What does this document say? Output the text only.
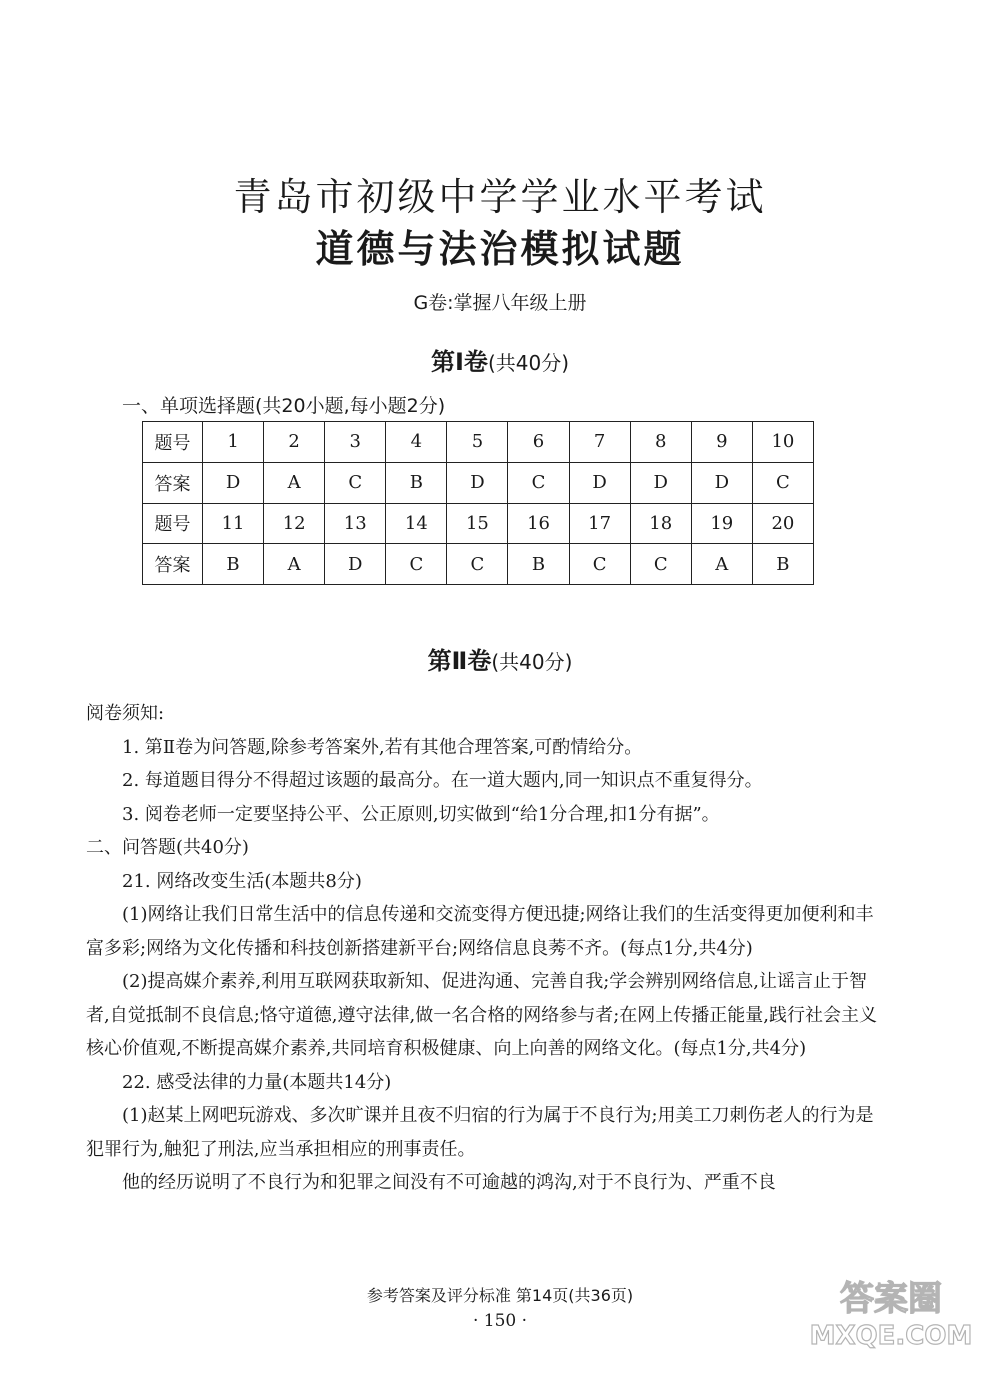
青岛市初级中学学业水平考试
道德与法治模拟试题
G卷:掌握八年级上册
第Ⅰ卷(共40分)
一、单项选择题(共20小题,每小题2分)
题号	1	2	3	4	5	6	7	8	9	10
答案	D	A	C	B	D	C	D	D	D	C
题号	11	12	13	14	15	16	17	18	19	20
答案	B	A	D	C	C	B	C	C	A	B
第Ⅱ卷(共40分)

阅卷须知:

1. 第Ⅱ卷为问答题,除参考答案外,若有其他合理答案,可酌情给分。

2. 每道题目得分不得超过该题的最高分。在一道大题内,同一知识点不重复得分。

3. 阅卷老师一定要坚持公平、公正原则,切实做到“给1分合理,扣1分有据”。

二、问答题(共40分)

21. 网络改变生活(本题共8分)

(1)网络让我们日常生活中的信息传递和交流变得方便迅捷;网络让我们的生活变得更加便利和丰富多彩;网络为文化传播和科技创新搭建新平台;网络信息良莠不齐。(每点1分,共4分)

(2)提高媒介素养,利用互联网获取新知、促进沟通、完善自我;学会辨别网络信息,让谣言止于智者,自觉抵制不良信息;恪守道德,遵守法律,做一名合格的网络参与者;在网上传播正能量,践行社会主义核心价值观,不断提高媒介素养,共同培育积极健康、向上向善的网络文化。(每点1分,共4分)

22. 感受法律的力量(本题共14分)

(1)赵某上网吧玩游戏、多次旷课并且夜不归宿的行为属于不良行为;用美工刀刺伤老人的行为是犯罪行为,触犯了刑法,应当承担相应的刑事责任。

他的经历说明了不良行为和犯罪之间没有不可逾越的鸿沟,对于不良行为、严重不良

参考答案及评分标准 第14页(共36页)
· 150 ·
答案圈
MXQE.COM
